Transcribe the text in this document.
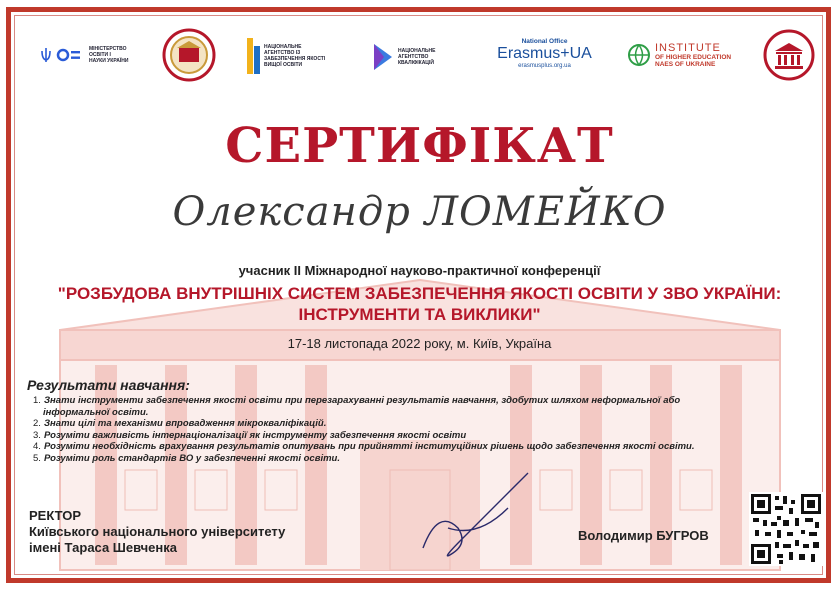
МІНІСТЕРСТВО ОСВІТИ І НАУКИ УКРАЇНИ
НАЦІОНАЛЬНЕ АГЕНТСТВО ІЗ ЗАБЕЗПЕЧЕННЯ ЯКОСТІ ВИЩОЇ ОСВІТИ
НАЦІОНАЛЬНЕ АГЕНТСТВО КВАЛІФІКАЦІЙ
National Office
Erasmus+UA
erasmusplus.org.ua
INSTITUTE
OF HIGHER EDUCATION
NAES OF UKRAINE
СЕРТИФІКАТ
Олександр ЛОМЕЙКО
учасник ІІ Міжнародної науково-практичної конференції
"РОЗБУДОВА ВНУТРІШНІХ СИСТЕМ ЗАБЕЗПЕЧЕННЯ ЯКОСТІ ОСВІТИ У ЗВО УКРАЇНИ:
ІНСТРУМЕНТИ ТА ВИКЛИКИ"
17-18 листопада 2022 року, м. Київ, Україна
Результати навчання:
1. Знати інструменти забезпечення якості освіти при перезарахуванні результатів навчання, здобутих шляхом неформальної або
інформальної освіти.
2. Знати цілі та механізми впровадження мікрокваліфікацій.
3. Розуміти важливість інтернаціоналізації як інструменту забезпечення якості освіти
4. Розуміти необхідність врахування результатів опитувань при прийнятті інституційних рішень щодо забезпечення якості освіти.
5. Розуміти роль стандартів ВО у забезпеченні якості освіти.
РЕКТОР
Київського національного університету
імені Тараса Шевченка
Володимир БУГРОВ
